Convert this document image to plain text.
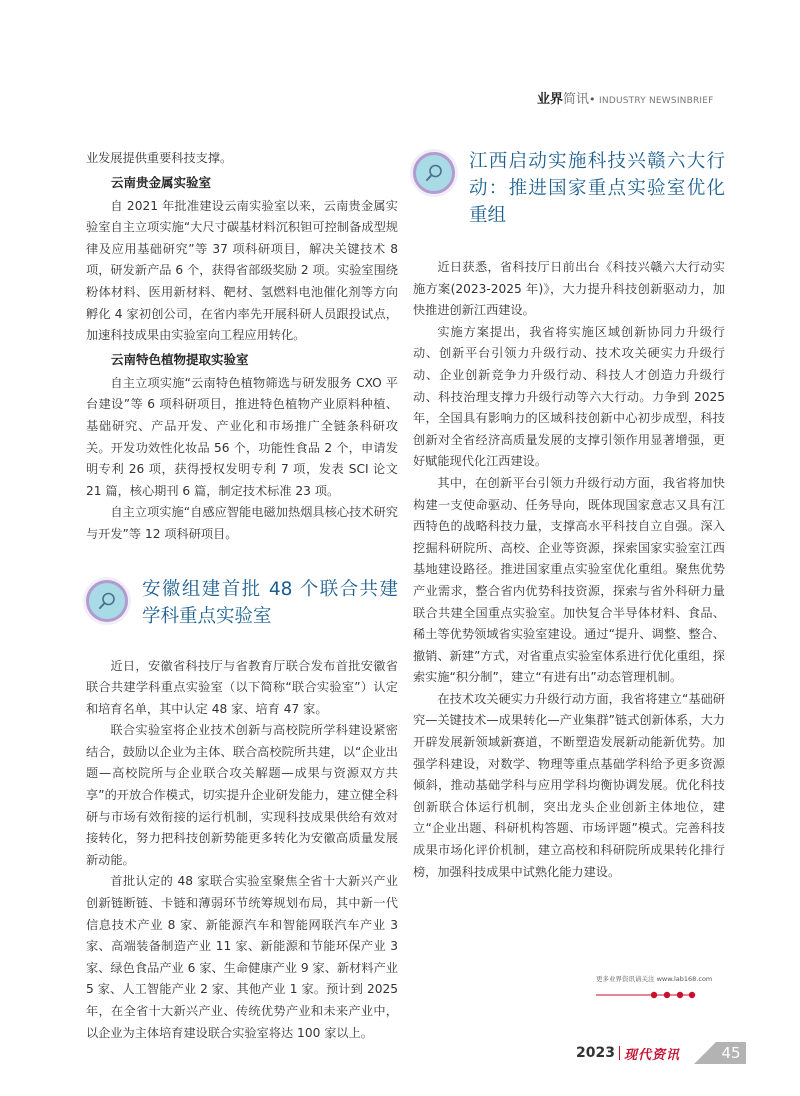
业界简讯• INDUSTRY NEWSINBRIEF

业发展提供重要科技支撑。

云南贵金属实验室

自 2021 年批准建设云南实验室以来，云南贵金属实验室自主立项实施“大尺寸碳基材料沉积钽可控制备成型规律及应用基础研究”等 37 项科研项目，解决关键技术 8 项，研发新产品 6 个，获得省部级奖励 2 项。实验室围绕粉体材料、医用新材料、靶材、氢燃料电池催化剂等方向孵化 4 家初创公司，在省内率先开展科研人员跟投试点，加速科技成果由实验室向工程应用转化。

云南特色植物提取实验室

自主立项实施“云南特色植物筛选与研发服务 CXO 平台建设”等 6 项科研项目，推进特色植物产业原料种植、基础研究、产品开发、产业化和市场推广全链条科研攻关。开发功效性化妆品 56 个，功能性食品 2 个，申请发明专利 26 项，获得授权发明专利 7 项，发表 SCI 论文 21 篇，核心期刊 6 篇，制定技术标准 23 项。

自主立项实施“自感应智能电磁加热烟具核心技术研究与开发”等 12 项科研项目。

安徽组建首批 48 个联合共建学科重点实验室

近日，安徽省科技厅与省教育厅联合发布首批安徽省联合共建学科重点实验室（以下简称“联合实验室”）认定和培育名单，其中认定 48 家、培育 47 家。

联合实验室将企业技术创新与高校院所学科建设紧密结合，鼓励以企业为主体、联合高校院所共建，以“企业出题—高校院所与企业联合攻关解题—成果与资源双方共享”的开放合作模式，切实提升企业研发能力，建立健全科研与市场有效衔接的运行机制，实现科技成果供给有效对接转化，努力把科技创新势能更多转化为安徽高质量发展新动能。

首批认定的 48 家联合实验室聚焦全省十大新兴产业创新链断链、卡链和薄弱环节统筹规划布局，其中新一代信息技术产业 8 家、新能源汽车和智能网联汽车产业 3 家、高端装备制造产业 11 家、新能源和节能环保产业 3 家、绿色食品产业 6 家、生命健康产业 9 家、新材料产业 5 家、人工智能产业 2 家、其他产业 1 家。预计到 2025 年，在全省十大新兴产业、传统优势产业和未来产业中，以企业为主体培育建设联合实验室将达 100 家以上。

江西启动实施科技兴赣六大行动：推进国家重点实验室优化重组

近日获悉，省科技厅日前出台《科技兴赣六大行动实施方案(2023-2025 年)》，大力提升科技创新驱动力，加快推进创新江西建设。

实施方案提出，我省将实施区域创新协同力升级行动、创新平台引领力升级行动、技术攻关硬实力升级行动、企业创新竞争力升级行动、科技人才创造力升级行动、科技治理支撑力升级行动等六大行动。力争到 2025 年，全国具有影响力的区域科技创新中心初步成型，科技创新对全省经济高质量发展的支撑引领作用显著增强，更好赋能现代化江西建设。

其中，在创新平台引领力升级行动方面，我省将加快构建一支使命驱动、任务导向，既体现国家意志又具有江西特色的战略科技力量，支撑高水平科技自立自强。深入挖掘科研院所、高校、企业等资源，探索国家实验室江西基地建设路径。推进国家重点实验室优化重组。聚焦优势产业需求，整合省内优势科技资源，探索与省外科研力量联合共建全国重点实验室。加快复合半导体材料、食品、稀土等优势领域省实验室建设。通过“提升、调整、整合、撤销、新建”方式，对省重点实验室体系进行优化重组，探索实施“积分制”，建立“有进有出”动态管理机制。

在技术攻关硬实力升级行动方面，我省将建立“基础研究—关键技术—成果转化—产业集群”链式创新体系，大力开辟发展新领域新赛道，不断塑造发展新动能新优势。加强学科建设，对数学、物理等重点基础学科给予更多资源倾斜，推动基础学科与应用学科均衡协调发展。优化科技创新联合体运行机制，突出龙头企业创新主体地位，建立“企业出题、科研机构答题、市场评题”模式。完善科技成果市场化评价机制，建立高校和科研院所成果转化排行榜，加强科技成果中试熟化能力建设。

更多业界资讯请关注 www.lab168.com
2023 现代资讯	45
